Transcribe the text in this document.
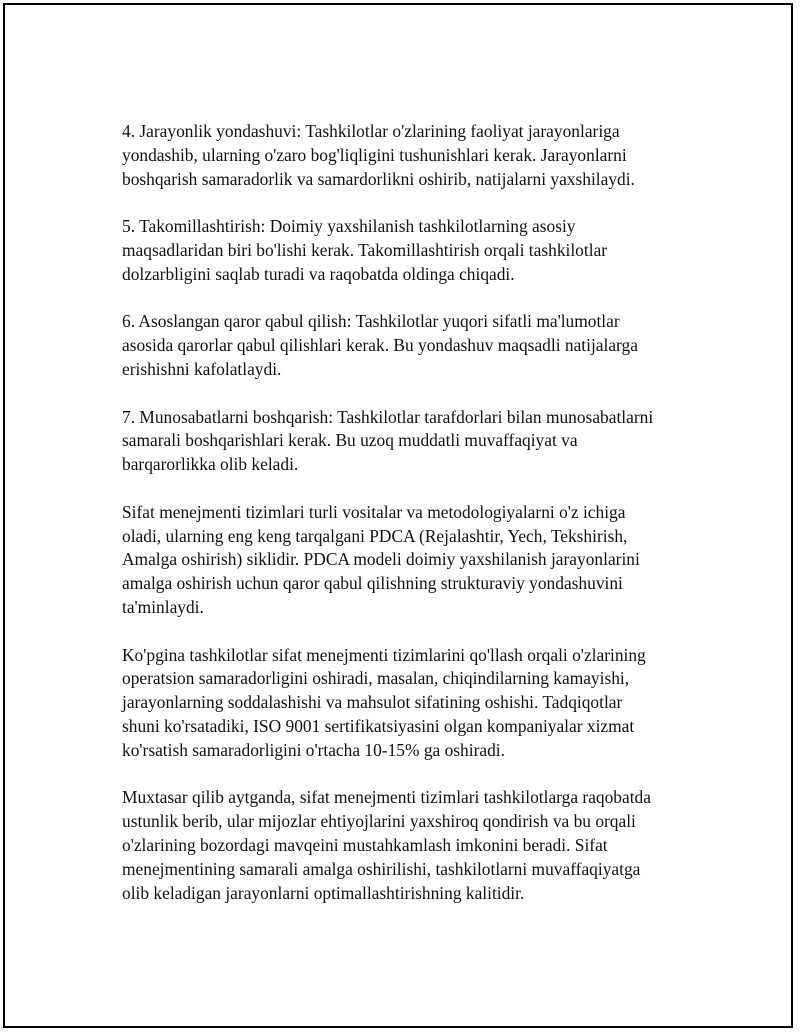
4. Jarayonlik yondashuvi: Tashkilotlar o'zlarining faoliyat jarayonlariga
yondashib, ularning o'zaro bog'liqligini tushunishlari kerak. Jarayonlarni
boshqarish samaradorlik va samardorlikni oshirib, natijalarni yaxshilaydi.

5. Takomillashtirish: Doimiy yaxshilanish tashkilotlarning asosiy
maqsadlaridan biri bo'lishi kerak. Takomillashtirish orqali tashkilotlar
dolzarbligini saqlab turadi va raqobatda oldinga chiqadi.

6. Asoslangan qaror qabul qilish: Tashkilotlar yuqori sifatli ma'lumotlar
asosida qarorlar qabul qilishlari kerak. Bu yondashuv maqsadli natijalarga
erishishni kafolatlaydi.

7. Munosabatlarni boshqarish: Tashkilotlar tarafdorlari bilan munosabatlarni
samarali boshqarishlari kerak. Bu uzoq muddatli muvaffaqiyat va
barqarorlikka olib keladi.

Sifat menejmenti tizimlari turli vositalar va metodologiyalarni o'z ichiga
oladi, ularning eng keng tarqalgani PDCA (Rejalashtir, Yech, Tekshirish,
Amalga oshirish) siklidir. PDCA modeli doimiy yaxshilanish jarayonlarini
amalga oshirish uchun qaror qabul qilishning strukturaviy yondashuvini
ta'minlaydi.

Ko'pgina tashkilotlar sifat menejmenti tizimlarini qo'llash orqali o'zlarining
operatsion samaradorligini oshiradi, masalan, chiqindilarning kamayishi,
jarayonlarning soddalashishi va mahsulot sifatining oshishi. Tadqiqotlar
shuni ko'rsatadiki, ISO 9001 sertifikatsiyasini olgan kompaniyalar xizmat
ko'rsatish samaradorligini o'rtacha 10-15% ga oshiradi.

Muxtasar qilib aytganda, sifat menejmenti tizimlari tashkilotlarga raqobatda
ustunlik berib, ular mijozlar ehtiyojlarini yaxshiroq qondirish va bu orqali
o'zlarining bozordagi mavqeini mustahkamlash imkonini beradi. Sifat
menejmentining samarali amalga oshirilishi, tashkilotlarni muvaffaqiyatga
olib keladigan jarayonlarni optimallashtirishning kalitidir.
